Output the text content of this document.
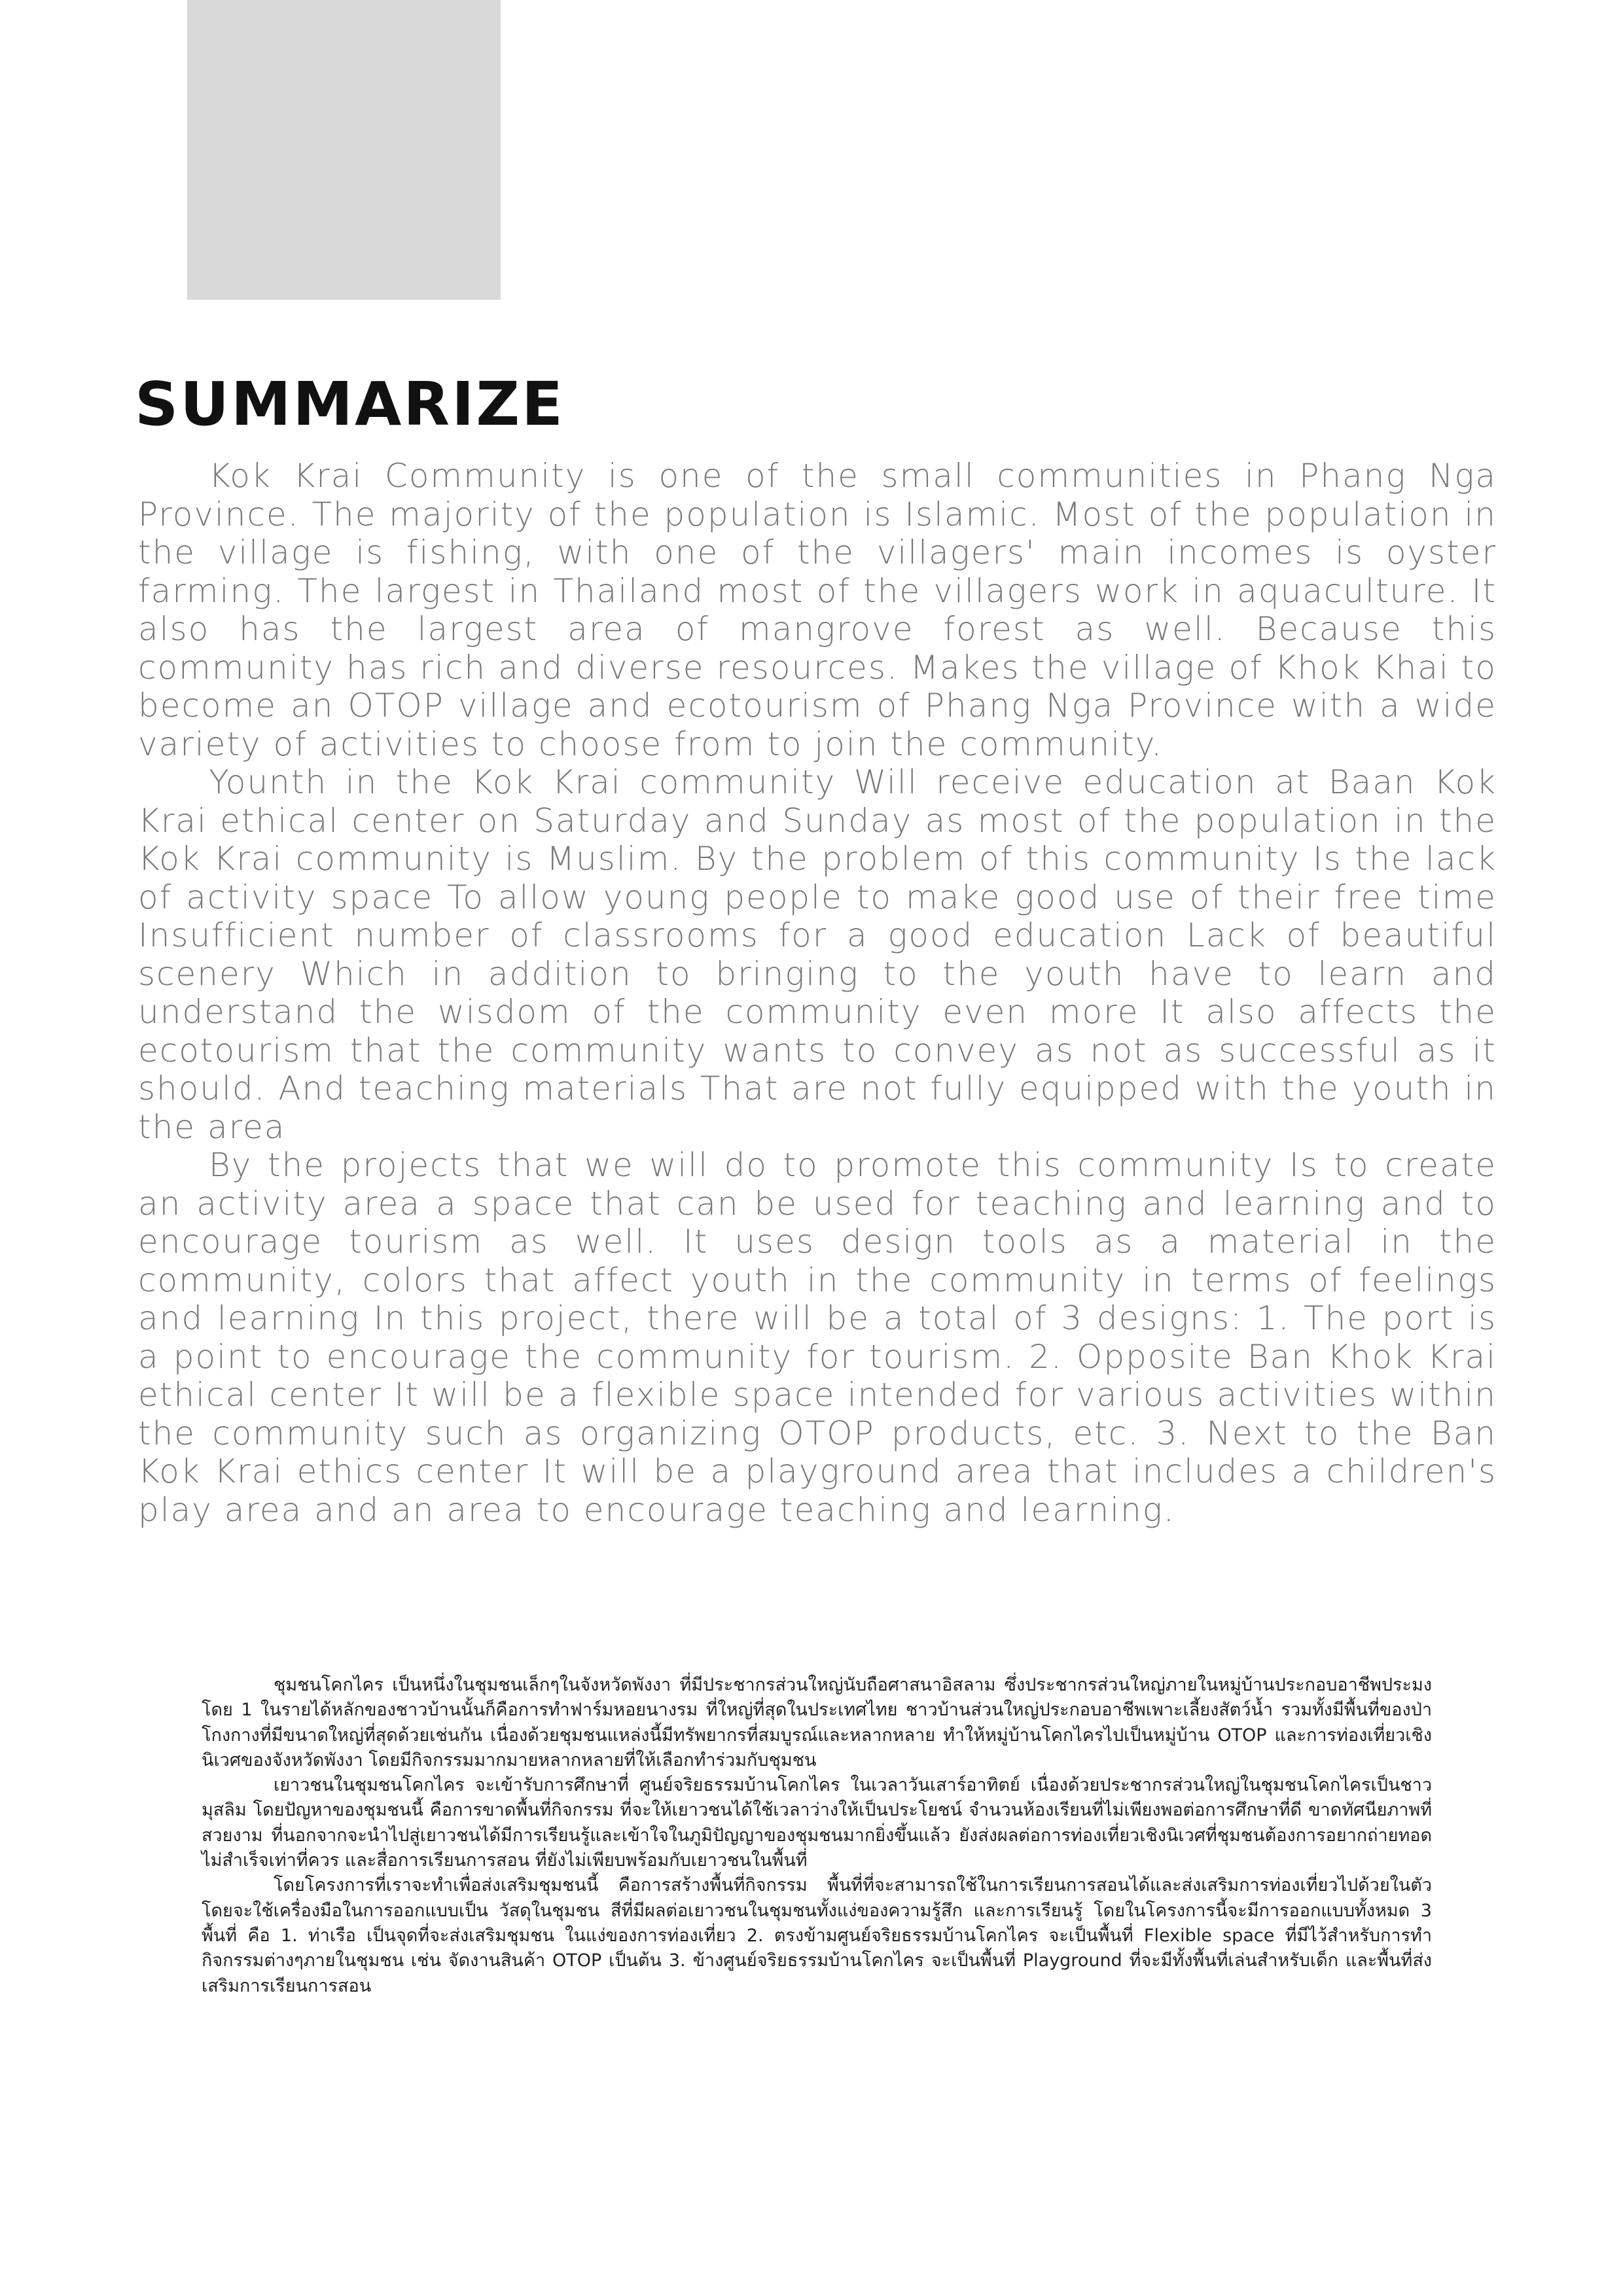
SUMMARIZE

Kok Krai Community is one of the small communities in Phang Nga Province. The majority of the population is Islamic. Most of the population in the village is fishing, with one of the villagers' main incomes is oyster farming. The largest in Thailand most of the villagers work in aquaculture. It also has the largest area of mangrove forest as well. Because this community has rich and diverse resources. Makes the village of Khok Khai to become an OTOP village and ecotourism of Phang Nga Province with a wide variety of activities to choose from to join the community.

Younth in the Kok Krai community Will receive education at Baan Kok Krai ethical center on Saturday and Sunday as most of the population in the Kok Krai community is Muslim. By the problem of this community Is the lack of activity space To allow young people to make good use of their free time Insufficient number of classrooms for a good education Lack of beautiful scenery Which in addition to bringing to the youth have to learn and understand the wisdom of the community even more It also affects the ecotourism that the community wants to convey as not as successful as it should. And teaching materials That are not fully equipped with the youth in the area

By the projects that we will do to promote this community Is to create an activity area a space that can be used for teaching and learning and to encourage tourism as well. It uses design tools as a material in the community, colors that affect youth in the community in terms of feelings and learning In this project, there will be a total of 3 designs: 1. The port is a point to encourage the community for tourism. 2. Opposite Ban Khok Krai ethical center It will be a flexible space intended for various activities within the community such as organizing OTOP products, etc. 3. Next to the Ban Kok Krai ethics center It will be a playground area that includes a children's play area and an area to encourage teaching and learning.

ชุมชนโคกไคร เป็นหนึ่งในชุมชนเล็กๆในจังหวัดพังงา ที่มีประชากรส่วนใหญ่นับถือศาสนาอิสลาม ซึ่งประชากรส่วนใหญ่ภายในหมู่บ้านประกอบอาชีพประมง โดย 1 ในรายได้หลักของชาวบ้านนั้นก็คือการทำฟาร์มหอยนางรม ที่ใหญ่ที่สุดในประเทศไทย ชาวบ้านส่วนใหญ่ประกอบอาชีพเพาะเลี้ยงสัตว์น้ำ รวมทั้งมีพื้นที่ของป่าโกงกางที่มีขนาดใหญ่ที่สุดด้วยเช่นกัน เนื่องด้วยชุมชนแหล่งนี้มีทรัพยากรที่สมบูรณ์และหลากหลาย ทำให้หมู่บ้านโคกไครไปเป็นหมู่บ้าน OTOP และการท่องเที่ยวเชิงนิเวศของจังหวัดพังงา โดยมีกิจกรรมมากมายหลากหลายที่ให้เลือกทำร่วมกับชุมชน

เยาวชนในชุมชนโคกไคร จะเข้ารับการศึกษาที่ ศูนย์จริยธรรมบ้านโคกไคร ในเวลาวันเสาร์อาทิตย์ เนื่องด้วยประชากรส่วนใหญ่ในชุมชนโคกไครเป็นชาวมุสลิม โดยปัญหาของชุมชนนี้ คือการขาดพื้นที่กิจกรรม ที่จะให้เยาวชนได้ใช้เวลาว่างให้เป็นประโยชน์ จำนวนห้องเรียนที่ไม่เพียงพอต่อการศึกษาที่ดี ขาดทัศนียภาพที่สวยงาม ที่นอกจากจะนำไปสู่เยาวชนได้มีการเรียนรู้และเข้าใจในภูมิปัญญาของชุมชนมากยิ่งขึ้นแล้ว ยังส่งผลต่อการท่องเที่ยวเชิงนิเวศที่ชุมชนต้องการอยากถ่ายทอดไม่สำเร็จเท่าที่ควร และสื่อการเรียนการสอน ที่ยังไม่เพียบพร้อมกับเยาวชนในพื้นที่

โดยโครงการที่เราจะทำเพื่อส่งเสริมชุมชนนี้ คือการสร้างพื้นที่กิจกรรม พื้นที่ที่จะสามารถใช้ในการเรียนการสอนได้และส่งเสริมการท่องเที่ยวไปด้วยในตัว โดยจะใช้เครื่องมือในการออกแบบเป็น วัสดุในชุมชน สีที่มีผลต่อเยาวชนในชุมชนทั้งแง่ของความรู้สึก และการเรียนรู้ โดยในโครงการนี้จะมีการออกแบบทั้งหมด 3 พื้นที่ คือ 1. ท่าเรือ เป็นจุดที่จะส่งเสริมชุมชน ในแง่ของการท่องเที่ยว 2. ตรงข้ามศูนย์จริยธรรมบ้านโคกไคร จะเป็นพื้นที่ Flexible space ที่มีไว้สำหรับการทำกิจกรรมต่างๆภายในชุมชน เช่น จัดงานสินค้า OTOP เป็นต้น 3. ข้างศูนย์จริยธรรมบ้านโคกไคร จะเป็นพื้นที่ Playground ที่จะมีทั้งพื้นที่เล่นสำหรับเด็ก และพื้นที่ส่งเสริมการเรียนการสอน
